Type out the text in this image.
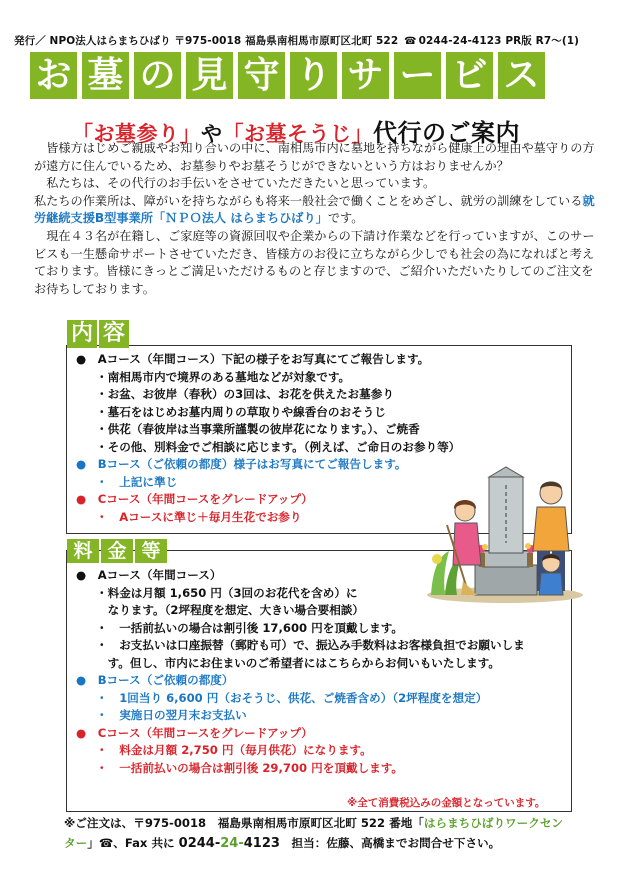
発行／ NPO法人はらまちひばり 〒975-0018 福島県南相馬市原町区北町 522 ☎ 0244-24-4123 PR版 R7〜(1)
お 墓 の 見 守 り サ ー ビ ス
「お墓参り」や「お墓そうじ」代行のご案内

皆様方はじめご親戚やお知り合いの中に、南相馬市内に墓地を持ちながら健康上の理由や墓守りの方が遠方に住んでいるため、お墓参りやお墓そうじができないという方はおりませんか？

私たちは、その代行のお手伝いをさせていただきたいと思っています。

私たちの作業所は、障がいを持ちながらも将来一般社会で働くことをめざし、就労の訓練をしている就労継続支援B型事業所「ＮＰＯ法人 はらまちひばり」です。

現在４３名が在籍し、ご家庭等の資源回収や企業からの下請け作業などを行っていますが、このサービスも一生懸命サポートさせていただき、皆様方のお役に立ちながら少しでも社会の為になればと考えております。皆様にきっとご満足いただけるものと存じますので、ご紹介いただいたりしてのご注文をお待ちしております。

内 容
●　Aコース（年間コース）下記の様子をお写真にてご報告します。
・南相馬市内で境界のある墓地などが対象です。
・お盆、お彼岸（春秋）の3回は、お花を供えたお墓参り
・墓石をはじめお墓内周りの草取りや線香台のおそうじ
・供花（春彼岸は当事業所謹製の彼岸花になります。）、ご焼香
・その他、別料金でご相談に応じます。（例えば、ご命日のお参り等）
●　Bコース（ご依頼の都度）様子はお写真にてご報告します。
・　上記に準じ
●　Cコース（年間コースをグレードアップ）
・　Aコースに準じ＋毎月生花でお参り
料 金 等
●　Aコース（年間コース）
・料金は月額 1,650 円（3回のお花代を含め）に
　なります。（2坪程度を想定、大きい場合要相談）
・　一括前払いの場合は割引後 17,600 円を頂戴します。
・　お支払いは口座振替（郵貯も可）で、振込み手数料はお客様負担でお願いしま
　す。但し、市内にお住まいのご希望者にはこちらからお伺いもいたします。
●　Bコース（ご依頼の都度）
・　1回当り 6,600 円（おそうじ、供花、ご焼香含め）（2坪程度を想定）
・　実施日の翌月末お支払い
●　Cコース（年間コースをグレードアップ）
・　料金は月額 2,750 円（毎月供花）になります。
・　一括前払いの場合は割引後 29,700 円を頂戴します。
※全て消費税込みの金額となっています。
※ご注文は、〒975-0018　福島県南相馬市原町区北町 522 番地「はらまちひばりワークセンター」☎、Fax 共に 0244-24-4123　担当：佐藤、高橋までお問合せ下さい。
